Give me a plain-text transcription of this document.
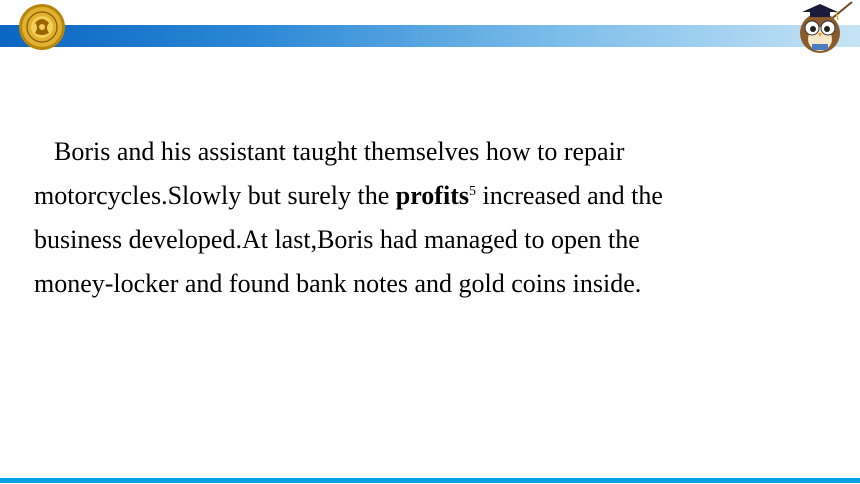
Boris and his assistant taught themselves how to repair

motorcycles.Slowly but surely the profits$^5$ increased and the

business developed.At last,Boris had managed to open the

money-locker and found bank notes and gold coins inside.
